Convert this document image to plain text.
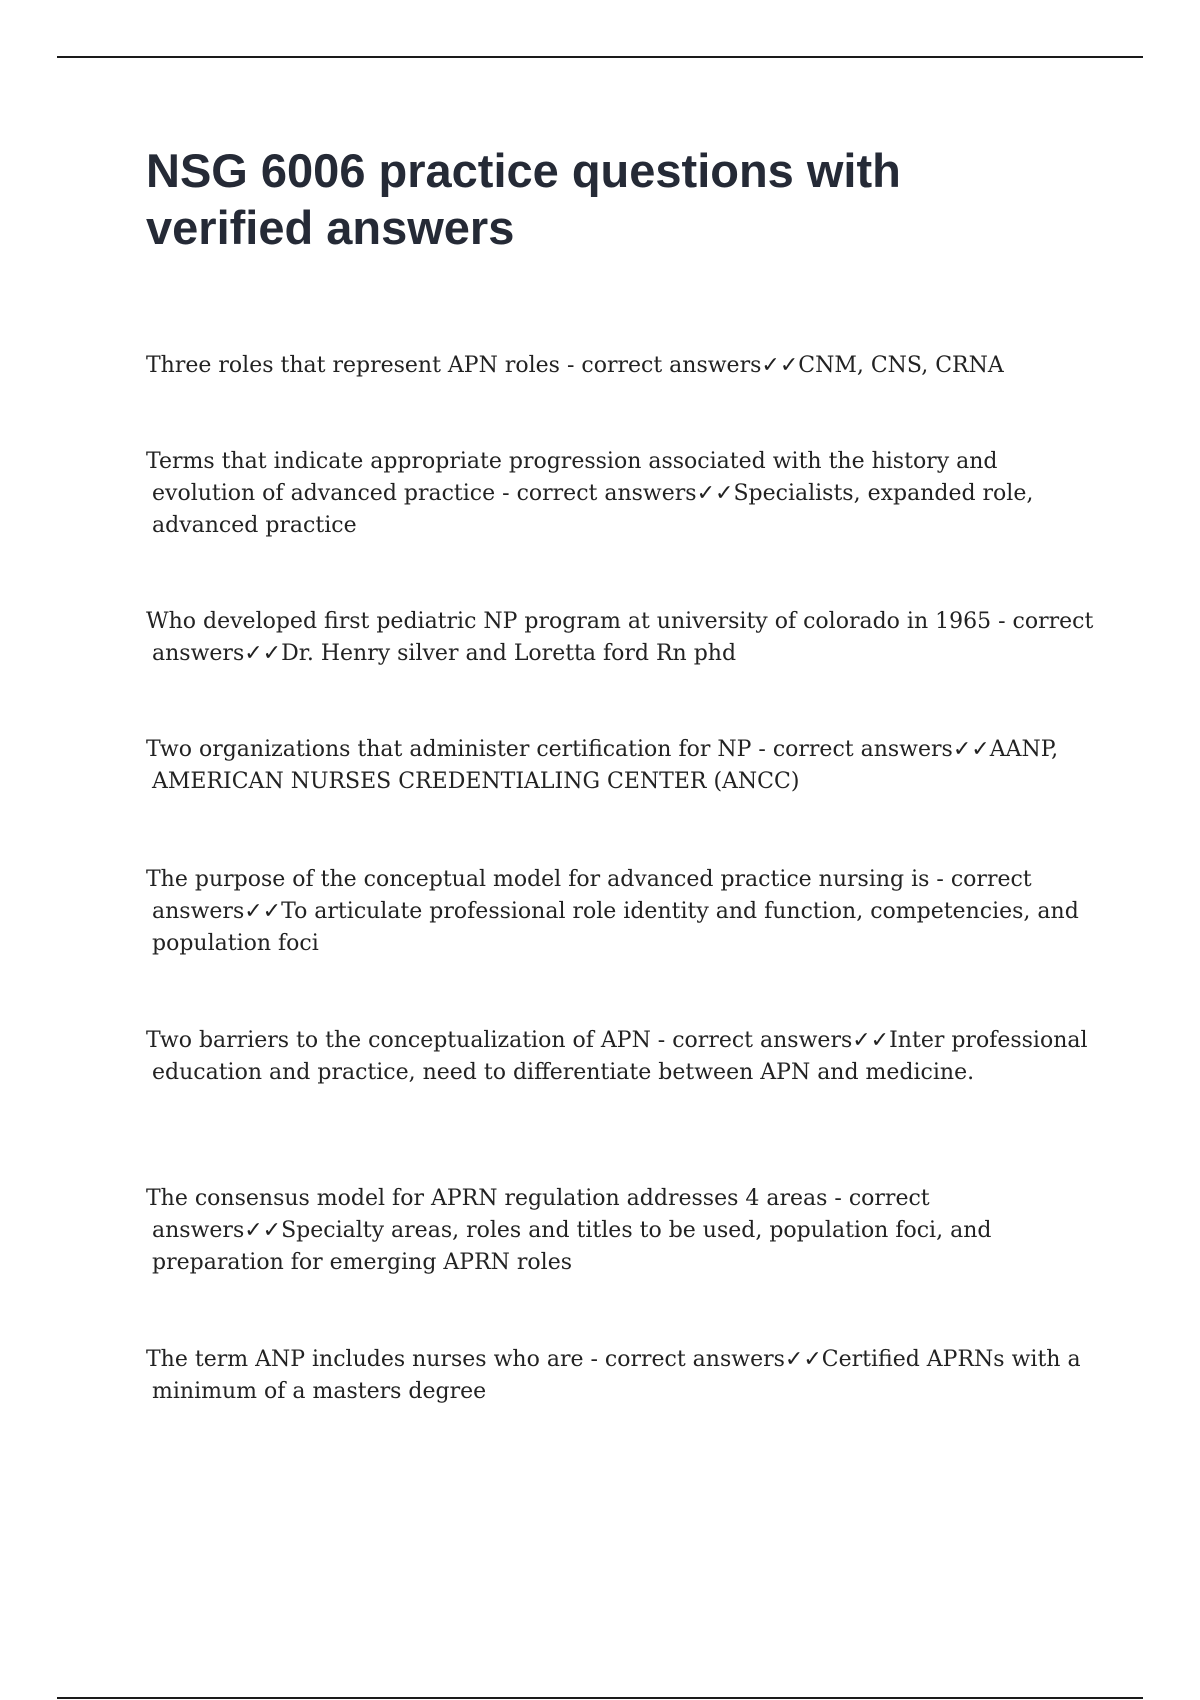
NSG 6006 practice questions with verified answers

Three roles that represent APN roles - correct answers✓✓CNM, CNS, CRNA

Terms that indicate appropriate progression associated with the history and evolution of advanced practice - correct answers✓✓Specialists, expanded role, advanced practice

Who developed first pediatric NP program at university of colorado in 1965 - correct answers✓✓Dr. Henry silver and Loretta ford Rn phd

Two organizations that administer certification for NP - correct answers✓✓AANP, AMERICAN NURSES CREDENTIALING CENTER (ANCC)

The purpose of the conceptual model for advanced practice nursing is - correct answers✓✓To articulate professional role identity and function, competencies, and population foci

Two barriers to the conceptualization of APN - correct answers✓✓Inter professional education and practice, need to differentiate between APN and medicine.

The consensus model for APRN regulation addresses 4 areas - correct answers✓✓Specialty areas, roles and titles to be used, population foci, and preparation for emerging APRN roles

The term ANP includes nurses who are - correct answers✓✓Certified APRNs with a minimum of a masters degree
